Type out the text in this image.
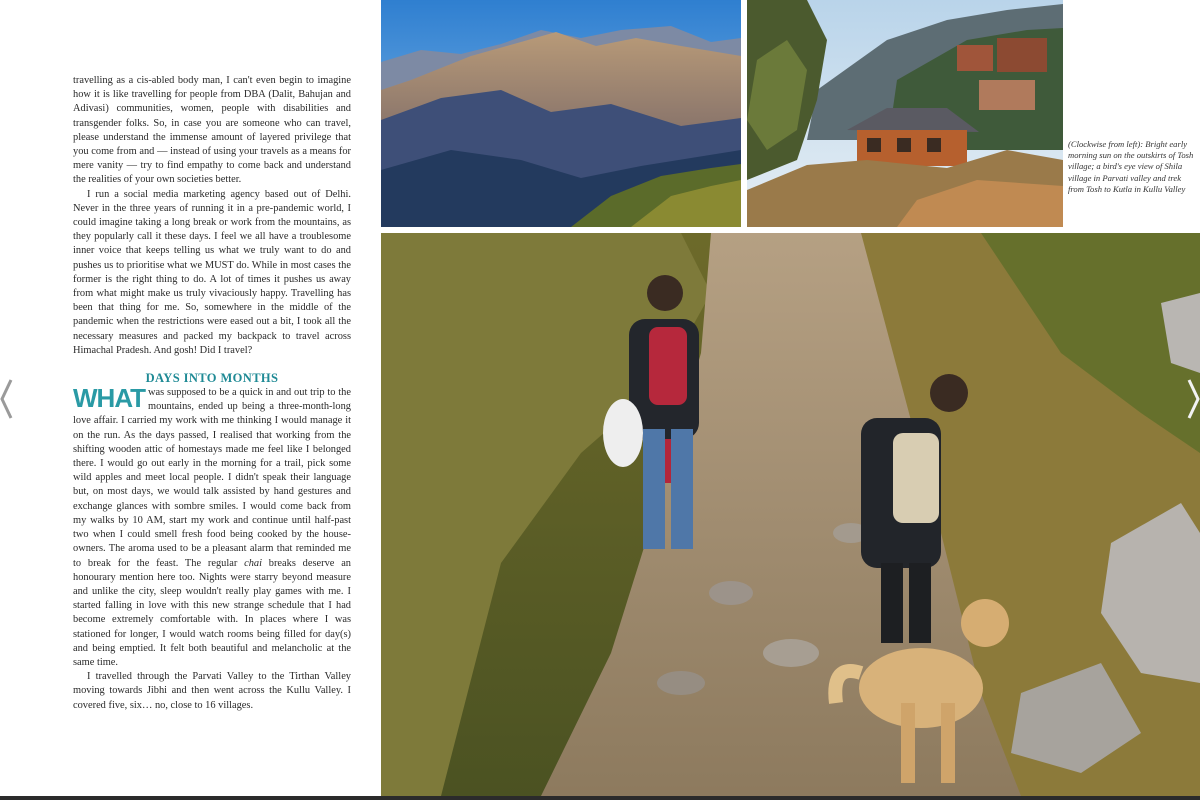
travelling as a cis-abled body man, I can't even begin to imagine how it is like travelling for people from DBA (Dalit, Bahujan and Adivasi) communities, women, people with disabilities and transgender folks. So, in case you are someone who can travel, please understand the immense amount of layered privilege that you come from and — instead of using your travels as a means for mere vanity — try to find empathy to come back and understand the realities of your own societies better.

I run a social media marketing agency based out of Delhi. Never in the three years of running it in a pre-pandemic world, I could imagine taking a long break or work from the mountains, as they popularly call it these days. I feel we all have a troublesome inner voice that keeps telling us what we truly want to do and pushes us to prioritise what we MUST do. While in most cases the former is the right thing to do. A lot of times it pushes us away from what might make us truly vivaciously happy. Travelling has been that thing for me. So, somewhere in the middle of the pandemic when the restrictions were eased out a bit, I took all the necessary measures and packed my backpack to travel across Himachal Pradesh. And gosh! Did I travel?

DAYS INTO MONTHS

WHAT was supposed to be a quick in and out trip to the mountains, ended up being a three-month-long love affair. I carried my work with me thinking I would manage it on the run. As the days passed, I realised that working from the shifting wooden attic of homestays made me feel like I belonged there. I would go out early in the morning for a trail, pick some wild apples and meet local people. I didn't speak their language but, on most days, we would talk assisted by hand gestures and exchange glances with sombre smiles. I would come back from my walks by 10 AM, start my work and continue until half-past two when I could smell fresh food being cooked by the house-owners. The aroma used to be a pleasant alarm that reminded me to break for the feast. The regular chai breaks deserve an honourary mention here too. Nights were starry beyond measure and unlike the city, sleep wouldn't really play games with me. I started falling in love with this new strange schedule that I had become extremely comfortable with. In places where I was stationed for longer, I would watch rooms being filled for day(s) and being emptied. It felt both beautiful and melancholic at the same time.

I travelled through the Parvati Valley to the Tirthan Valley moving towards Jibhi and then went across the Kullu Valley. I covered five, six… no, close to 16 villages.

(Clockwise from left): Bright early morning sun on the outskirts of Tosh village; a bird's eye view of Shila village in Parvati valley and trek from Tosh to Kutla in Kullu Valley
